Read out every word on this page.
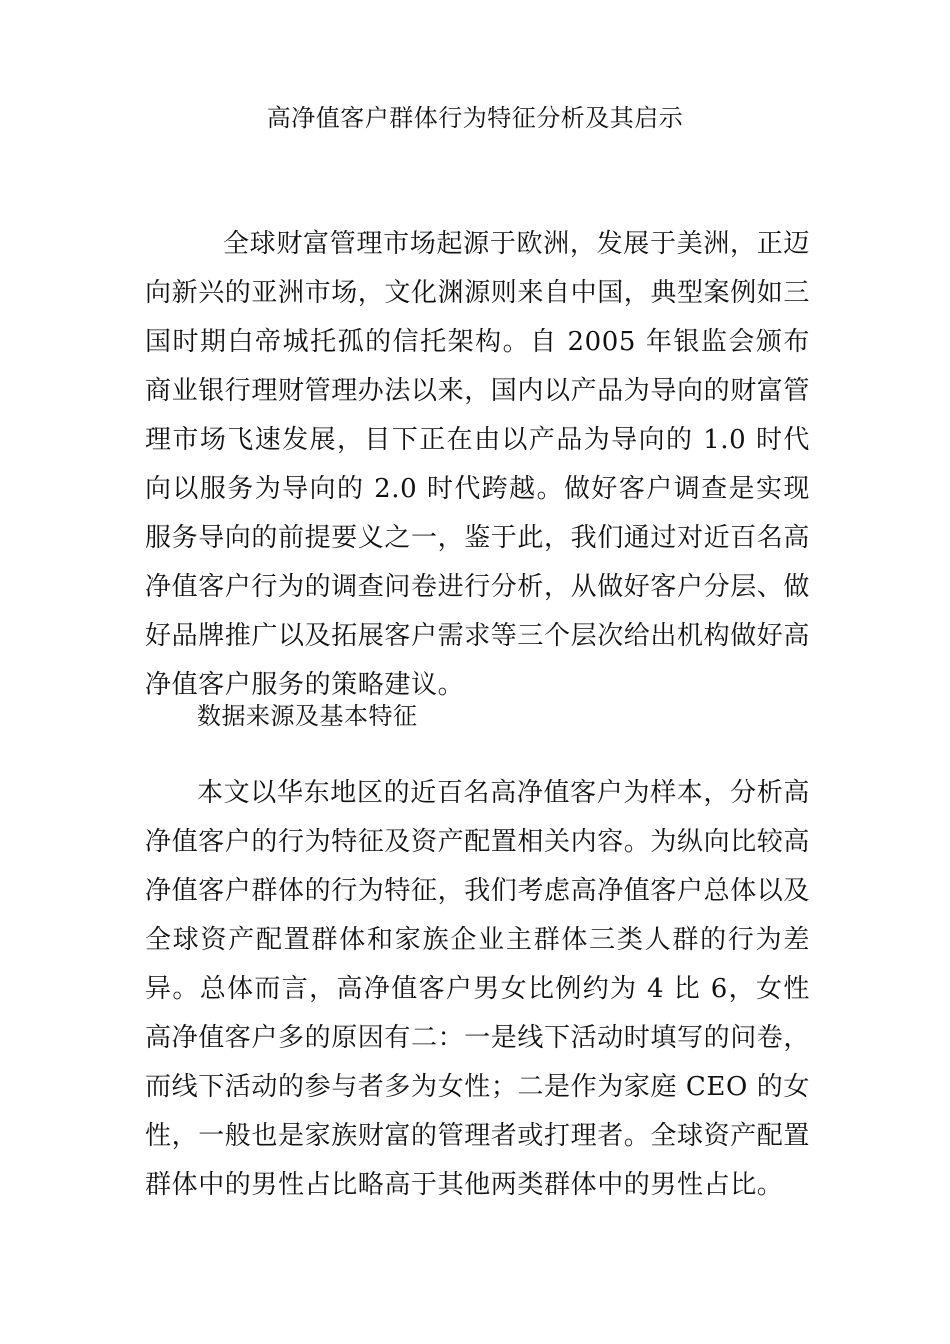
高净值客户群体行为特征分析及其启示

全球财富管理市场起源于欧洲，发展于美洲，正迈向新兴的亚洲市场，文化渊源则来自中国，典型案例如三国时期白帝城托孤的信托架构。自 2005 年银监会颁布商业银行理财管理办法以来，国内以产品为导向的财富管理市场飞速发展，目下正在由以产品为导向的 1.0 时代向以服务为导向的 2.0 时代跨越。做好客户调查是实现服务导向的前提要义之一，鉴于此，我们通过对近百名高净值客户行为的调查问卷进行分析，从做好客户分层、做好品牌推广以及拓展客户需求等三个层次给出机构做好高净值客户服务的策略建议。

数据来源及基本特征

本文以华东地区的近百名高净值客户为样本，分析高净值客户的行为特征及资产配置相关内容。为纵向比较高净值客户群体的行为特征，我们考虑高净值客户总体以及全球资产配置群体和家族企业主群体三类人群的行为差异。总体而言，高净值客户男女比例约为 4 比 6，女性高净值客户多的原因有二：一是线下活动时填写的问卷，而线下活动的参与者多为女性；二是作为家庭 CEO 的女性，一般也是家族财富的管理者或打理者。全球资产配置群体中的男性占比略高于其他两类群体中的男性占比。
